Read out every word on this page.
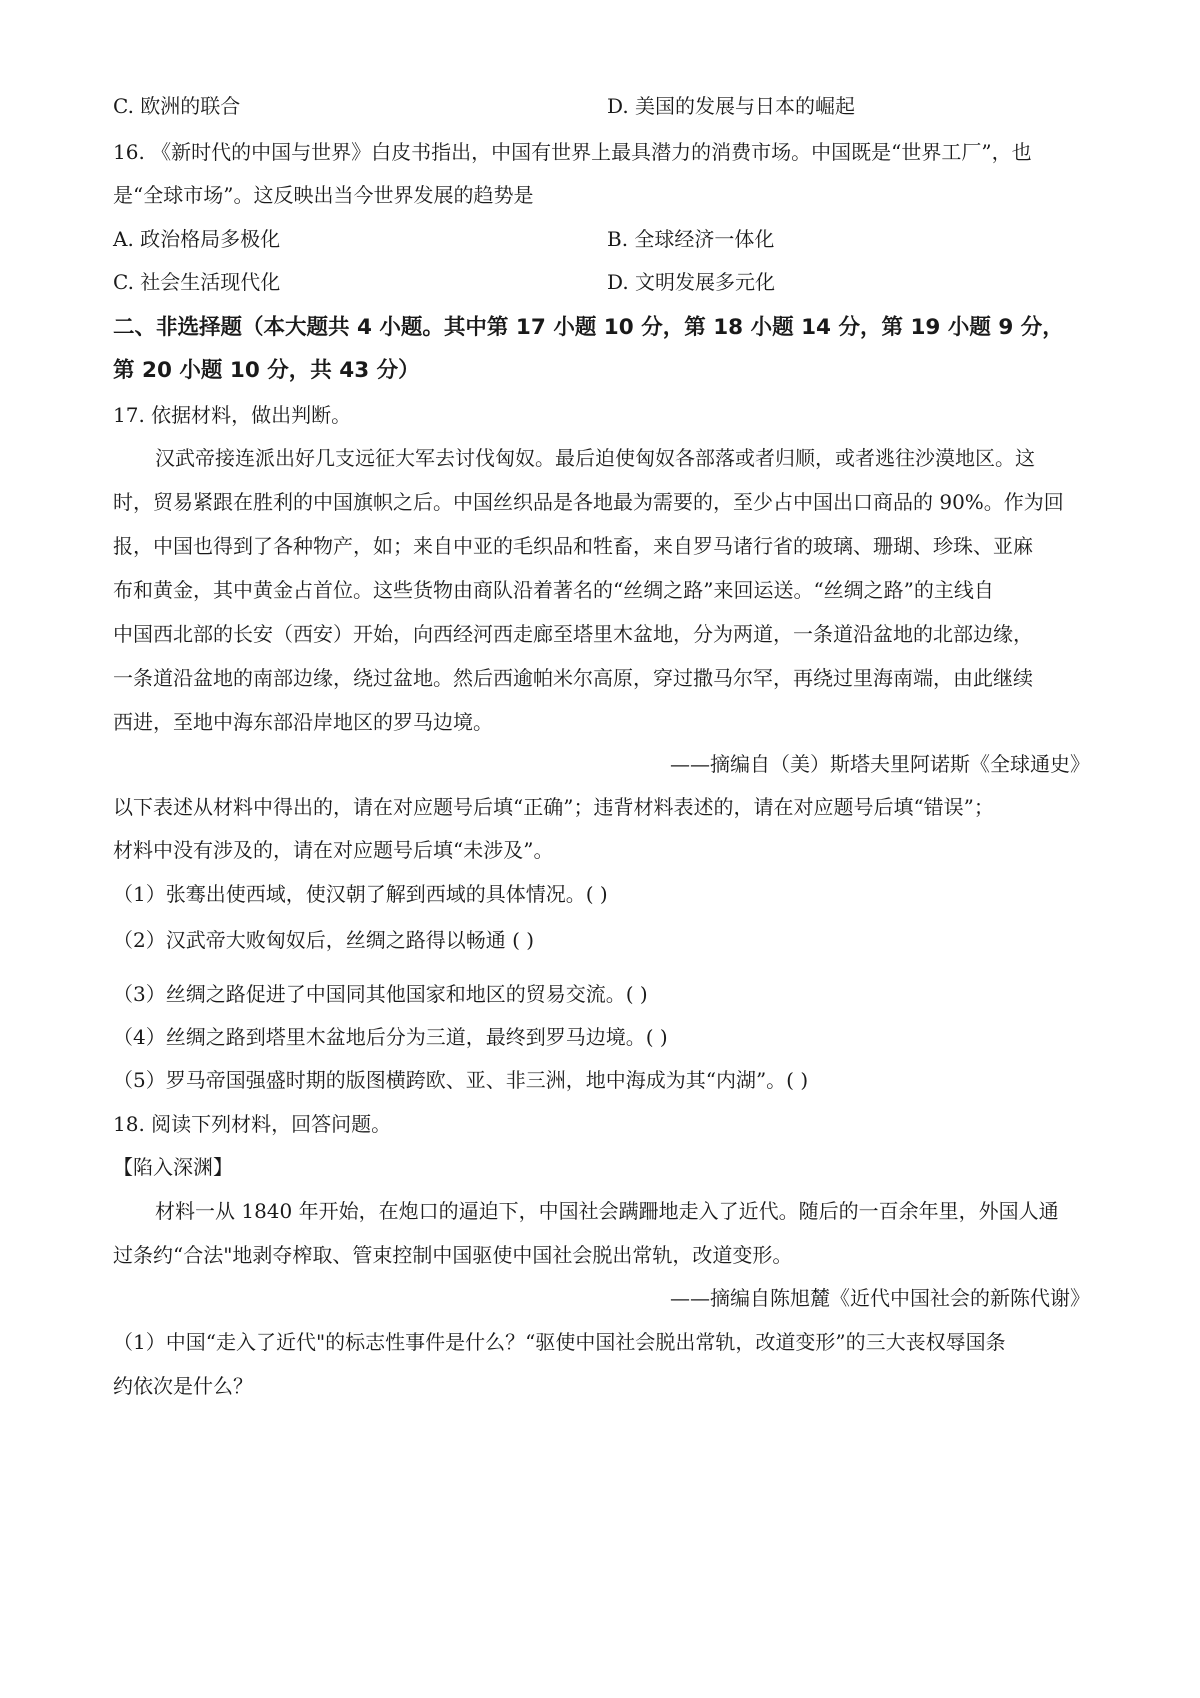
C. 欧洲的联合	D. 美国的发展与日本的崛起
16. 《新时代的中国与世界》白皮书指出，中国有世界上最具潜力的消费市场。中国既是“世界工厂”，也
是“全球市场”。这反映出当今世界发展的趋势是
A. 政治格局多极化	B. 全球经济一体化
C. 社会生活现代化	D. 文明发展多元化
二、非选择题（本大题共 4 小题。其中第 17 小题 10 分，第 18 小题 14 分，第 19 小题 9 分，
第 20 小题 10 分，共 43 分）
17. 依据材料，做出判断。
汉武帝接连派出好几支远征大军去讨伐匈奴。最后迫使匈奴各部落或者归顺，或者逃往沙漠地区。这
时，贸易紧跟在胜利的中国旗帜之后。中国丝织品是各地最为需要的，至少占中国出口商品的 90%。作为回
报，中国也得到了各种物产，如；来自中亚的毛织品和牲畜，来自罗马诸行省的玻璃、珊瑚、珍珠、亚麻
布和黄金，其中黄金占首位。这些货物由商队沿着著名的“丝绸之路”来回运送。“丝绸之路”的主线自
中国西北部的长安（西安）开始，向西经河西走廊至塔里木盆地，分为两道，一条道沿盆地的北部边缘，
一条道沿盆地的南部边缘，绕过盆地。然后西逾帕米尔高原，穿过撒马尔罕，再绕过里海南端，由此继续
西进，至地中海东部沿岸地区的罗马边境。
——摘编自（美）斯塔夫里阿诺斯《全球通史》
以下表述从材料中得出的，请在对应题号后填“正确”；违背材料表述的，请在对应题号后填“错误”；
材料中没有涉及的，请在对应题号后填“未涉及”。
（1）张骞出使西域，使汉朝了解到西域的具体情况。( )
（2）汉武帝大败匈奴后，丝绸之路得以畅通 ( )
（3）丝绸之路促进了中国同其他国家和地区的贸易交流。( )
（4）丝绸之路到塔里木盆地后分为三道，最终到罗马边境。( )
（5）罗马帝国强盛时期的版图横跨欧、亚、非三洲，地中海成为其“内湖”。( )
18. 阅读下列材料，回答问题。
【陷入深渊】
材料一从 1840 年开始，在炮口的逼迫下，中国社会蹒跚地走入了近代。随后的一百余年里，外国人通
过条约“合法"地剥夺榨取、管束控制中国驱使中国社会脱出常轨，改道变形。
——摘编自陈旭麓《近代中国社会的新陈代谢》
（1）中国“走入了近代"的标志性事件是什么？“驱使中国社会脱出常轨，改道变形”的三大丧权辱国条
约依次是什么？
